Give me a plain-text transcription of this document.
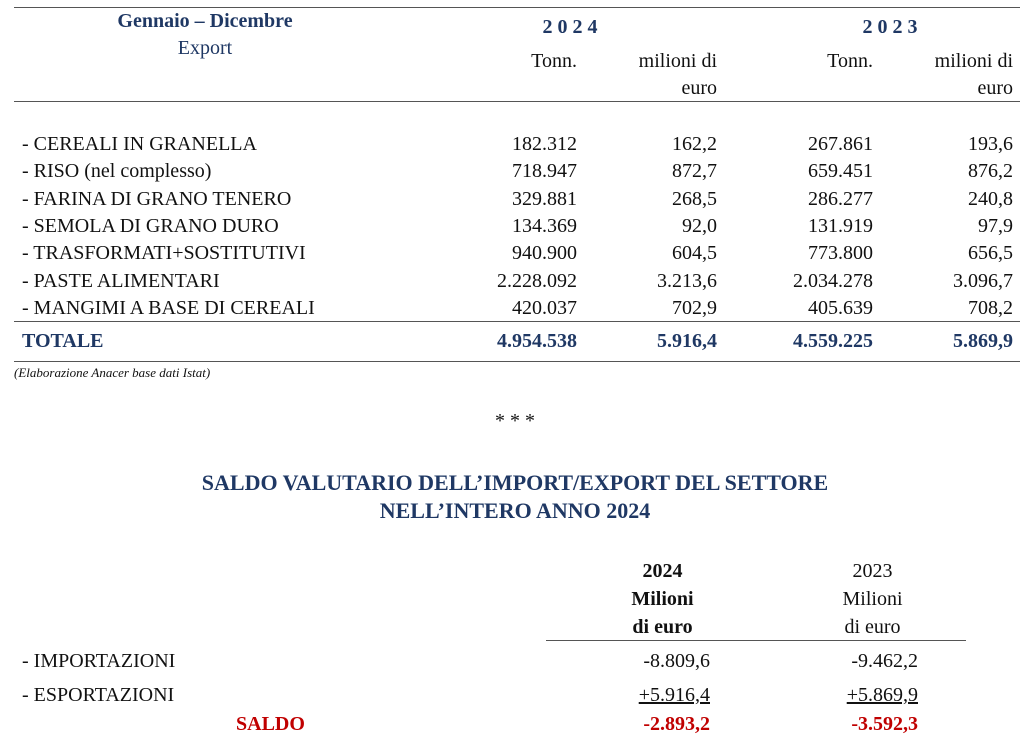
Gennaio – Dicembre
Export
2 0 2 4	2 0 2 3
Tonn.	milioni di
euro
Tonn.	milioni di
euro
- CEREALI IN GRANELLA	182.312	162,2	267.861	193,6
- RISO (nel complesso)	718.947	872,7	659.451	876,2
- FARINA DI GRANO TENERO	329.881	268,5	286.277	240,8
- SEMOLA DI GRANO DURO	134.369	92,0	131.919	97,9
- TRASFORMATI+SOSTITUTIVI	940.900	604,5	773.800	656,5
- PASTE ALIMENTARI	2.228.092	3.213,6	2.034.278	3.096,7
- MANGIMI A BASE DI CEREALI	420.037	702,9	405.639	708,2
TOTALE	4.954.538	5.916,4	4.559.225	5.869,9
(Elaborazione Anacer base dati Istat)
* * *
SALDO VALUTARIO DELL’IMPORT/EXPORT DEL SETTORE
NELL’INTERO ANNO 2024
2024
Milioni
di euro
2023
Milioni
di euro
- IMPORTAZIONI	-8.809,6	-9.462,2
- ESPORTAZIONI	+5.916,4	+5.869,9
SALDO	-2.893,2	-3.592,3
